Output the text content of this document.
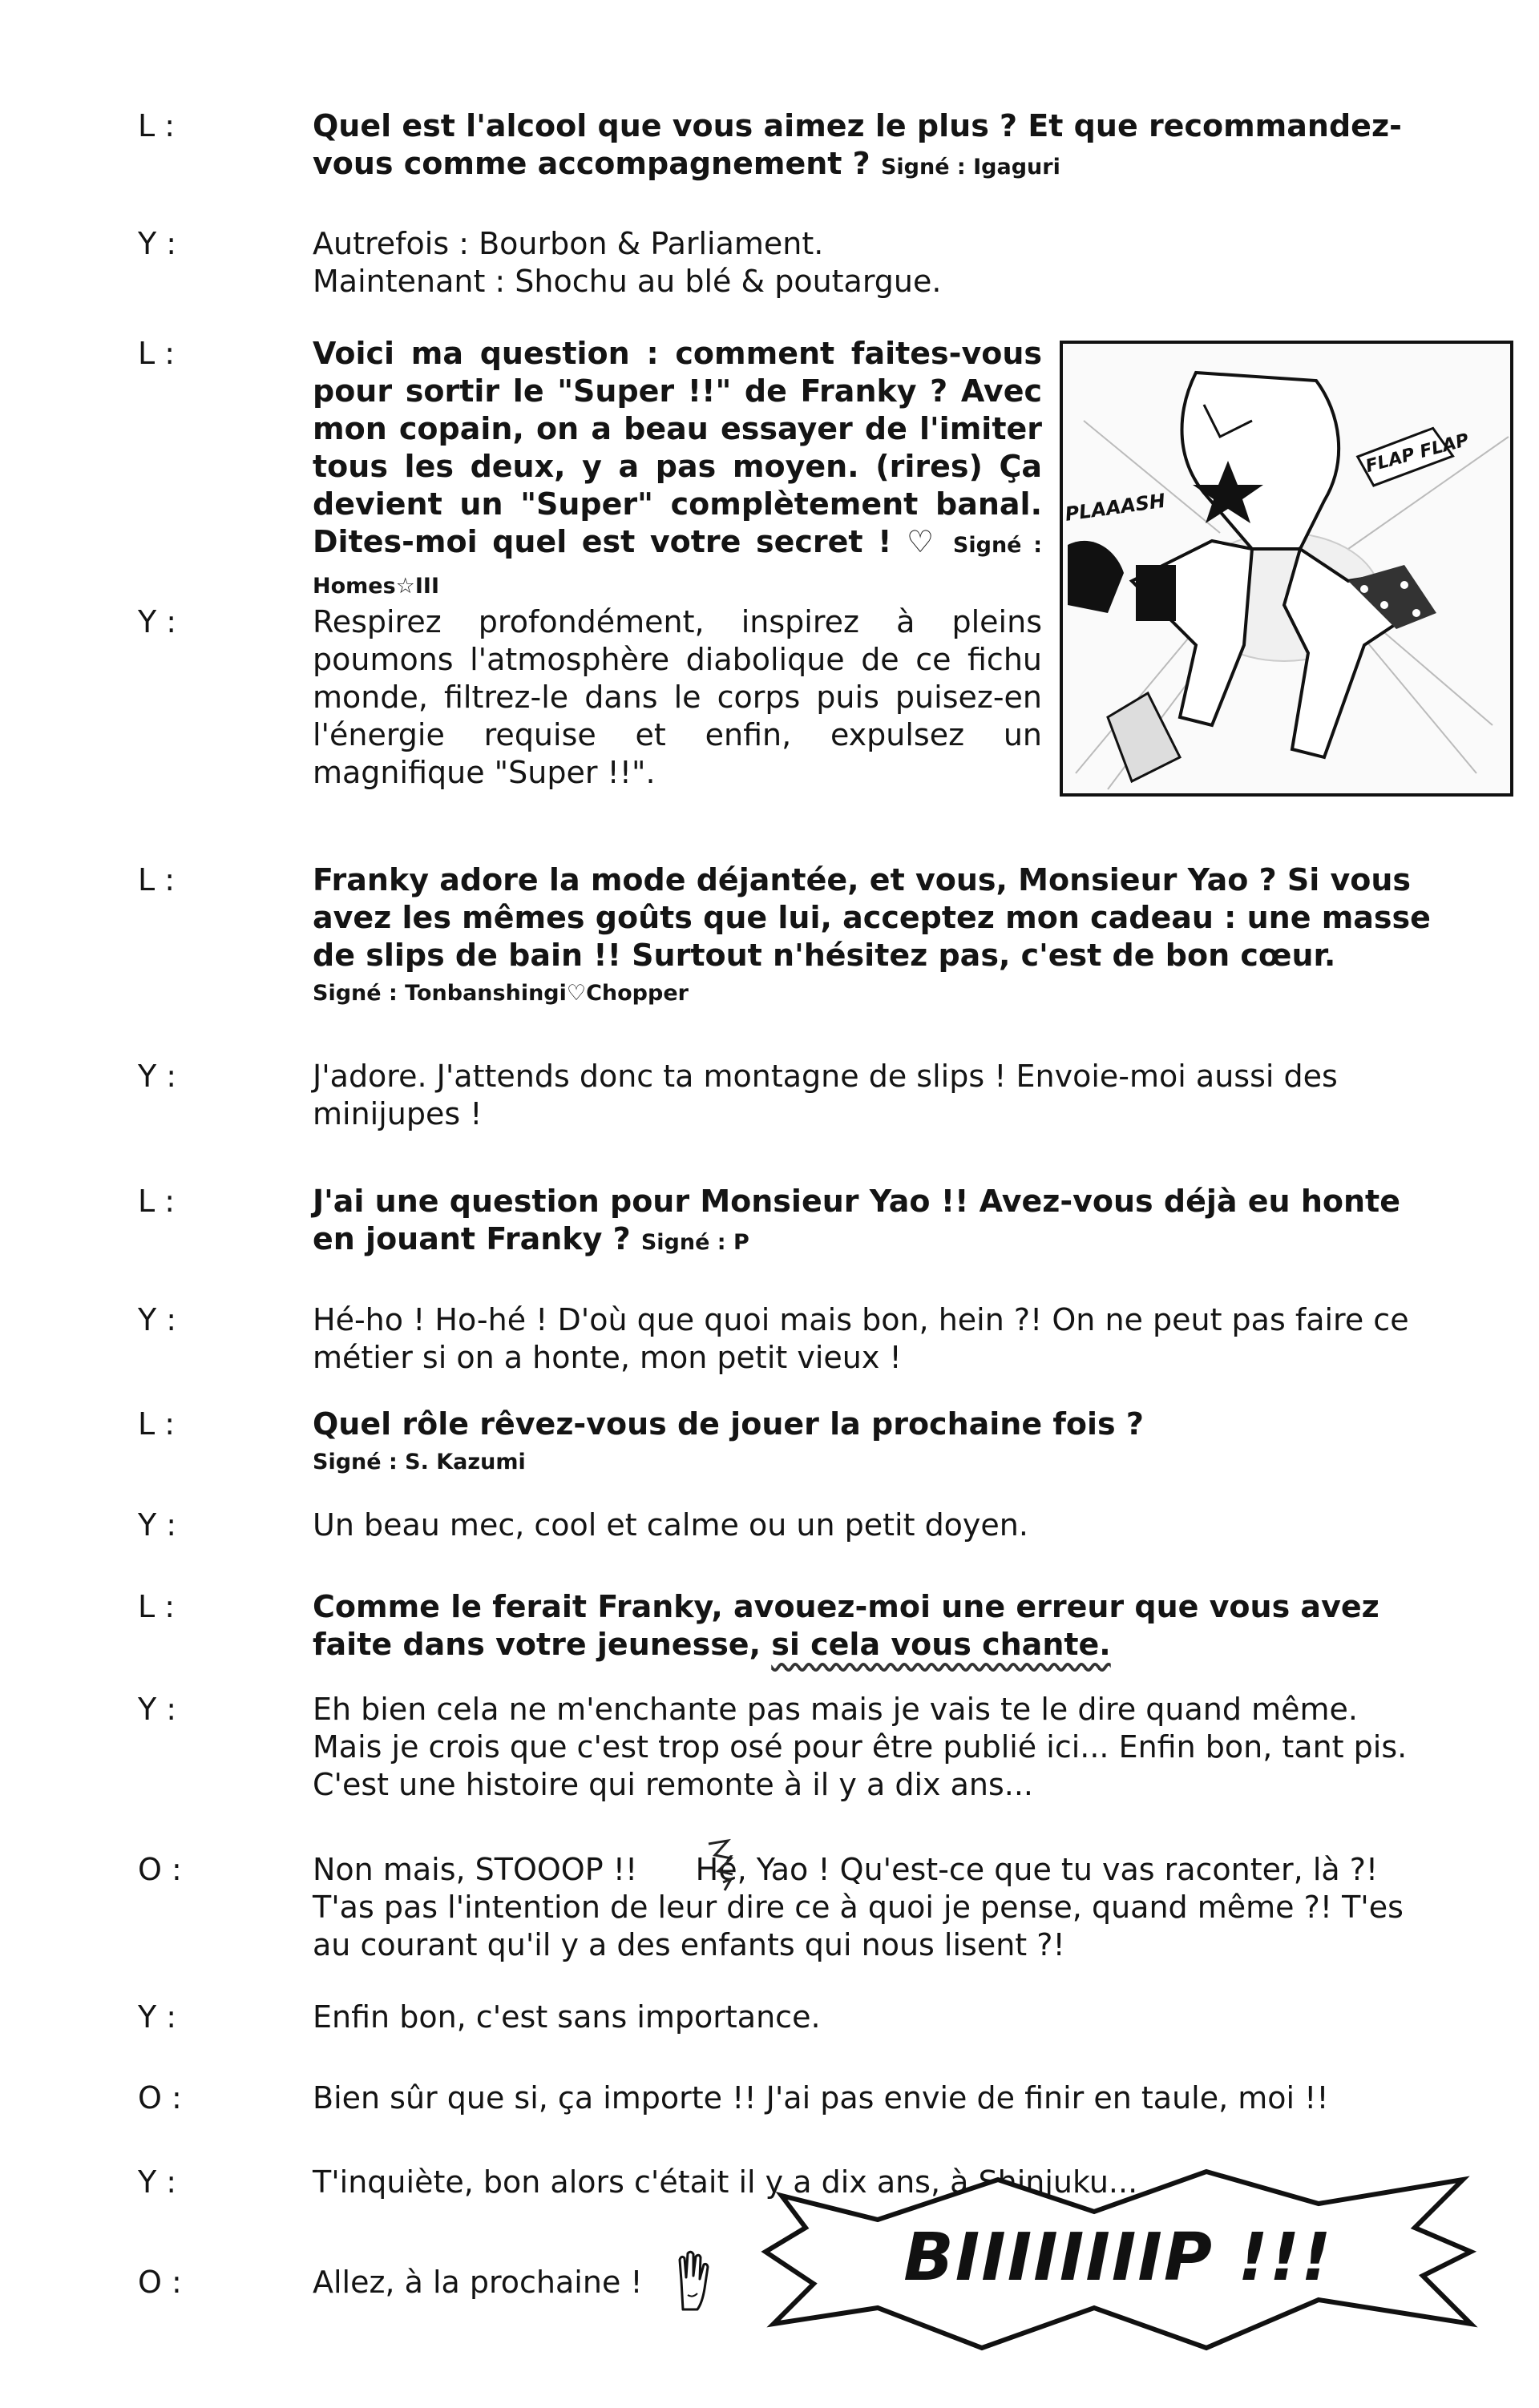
L :	Quel est l'alcool que vous aimez le plus ? Et que recommandez-vous comme accompagnement ? Signé : Igaguri
Y :	Autrefois : Bourbon & Parliament.

Maintenant : Shochu au blé & poutargue.

L :	Voici ma question : comment faites-vous pour sortir le "Super !!" de Franky ? Avec mon copain, on a beau essayer de l'imiter tous les deux, y a pas moyen. (rires) Ça devient un "Super" complètement banal. Dites-moi quel est votre secret ! ♡ Signé : Homes☆III
Y :	Respirez profondément, inspirez à pleins poumons l'atmosphère diabolique de ce fichu monde, filtrez-le dans le corps puis puisez-en l'énergie requise et enfin, expulsez un magnifique "Super !!".
L :	Franky adore la mode déjantée, et vous, Monsieur Yao ? Si vous avez les mêmes goûts que lui, acceptez mon cadeau : une masse de slips de bain !! Surtout n'hésitez pas, c'est de bon cœur.
Signé : Tonbanshingi♡Chopper
Y :	J'adore. J'attends donc ta montagne de slips ! Envoie-moi aussi des minijupes !
L :	J'ai une question pour Monsieur Yao !! Avez-vous déjà eu honte en jouant Franky ? Signé : P
Y :	Hé-ho ! Ho-hé ! D'où que quoi mais bon, hein ?! On ne peut pas faire ce métier si on a honte, mon petit vieux !
L :	Quel rôle rêvez-vous de jouer la prochaine fois ?
Signé : S. Kazumi
Y :	Un beau mec, cool et calme ou un petit doyen.
L :	Comme le ferait Franky, avouez-moi une erreur que vous avez faite dans votre jeunesse, si cela vous chante.
Y :	Eh bien cela ne m'enchante pas mais je vais te le dire quand même. Mais je crois que c'est trop osé pour être publié ici... Enfin bon, tant pis. C'est une histoire qui remonte à il y a dix ans...
O :	Non mais, STOOOP !!      Hé, Yao ! Qu'est-ce que tu vas raconter, là ?! T'as pas l'intention de leur dire ce à quoi je pense, quand même ?! T'es au courant qu'il y a des enfants qui nous lisent ?!
Y :	Enfin bon, c'est sans importance.
O :	Bien sûr que si, ça importe !! J'ai pas envie de finir en taule, moi !!
Y :	T'inquiète, bon alors c'était il y a dix ans, à Shinjuku...
O :	Allez, à la prochaine !
FLAP FLAP
PLAAASH
BIIIIIIIIP !!!
